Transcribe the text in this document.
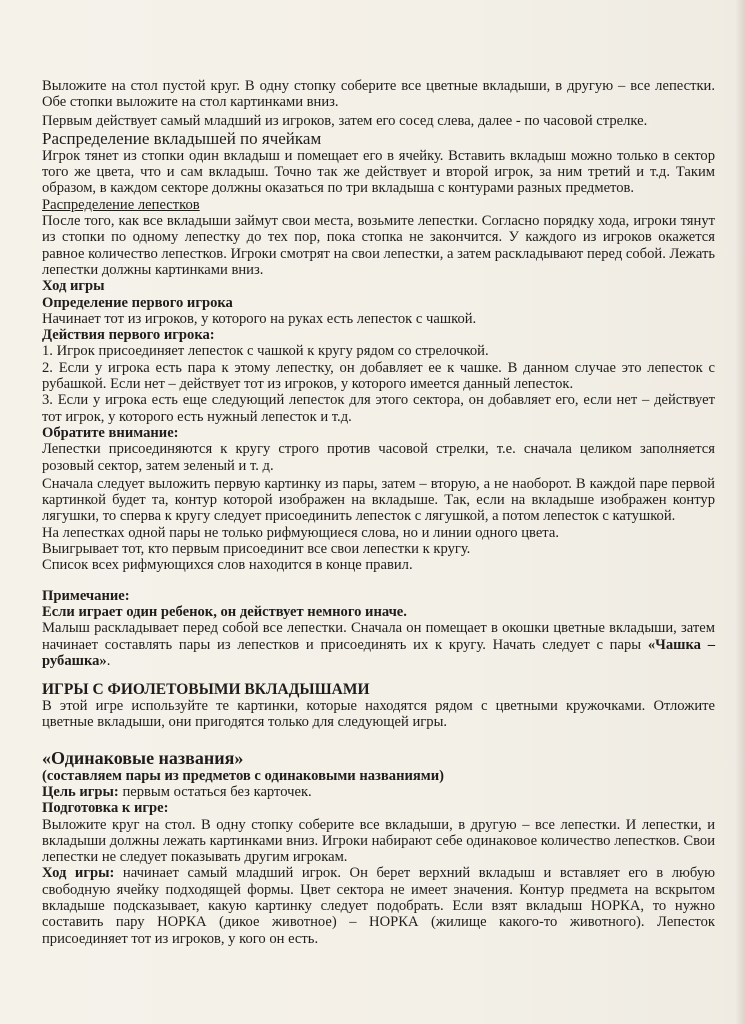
Выложите на стол пустой круг. В одну стопку соберите все цветные вкладыши, в другую – все лепестки. Обе стопки выложите на стол картинками вниз.

Первым действует самый младший из игроков, затем его сосед слева, далее - по часовой стрелке.

Распределение вкладышей по ячейкам

Игрок тянет из стопки один вкладыш и помещает его в ячейку. Вставить вкладыш можно только в сектор того же цвета, что и сам вкладыш. Точно так же действует и второй игрок, за ним третий и т.д. Таким образом, в каждом секторе должны оказаться по три вкладыша с контурами разных предметов.

Распределение лепестков

После того, как все вкладыши займут свои места, возьмите лепестки. Согласно порядку хода, игроки тянут из стопки по одному лепестку до тех пор, пока стопка не закончится. У каждого из игроков окажется равное количество лепестков. Игроки смотрят на свои лепестки, а затем раскладывают перед собой. Лежать лепестки должны картинками вниз.

Ход игры
Определение первого игрока

Начинает тот из игроков, у которого на руках есть лепесток с чашкой.

Действия первого игрока:

1. Игрок присоединяет лепесток с чашкой к кругу рядом со стрелочкой.

2. Если у игрока есть пара к этому лепестку, он добавляет ее к чашке. В данном случае это лепесток с рубашкой. Если нет – действует тот из игроков, у которого имеется данный лепесток.

3. Если у игрока есть еще следующий лепесток для этого сектора, он добавляет его, если нет – действует тот игрок, у которого есть нужный лепесток и т.д.

Обратите внимание:

Лепестки присоединяются к кругу строго против часовой стрелки, т.е. сначала целиком заполняется розовый сектор, затем зеленый и т. д.

Сначала следует выложить первую картинку из пары, затем – вторую, а не наоборот. В каждой паре первой картинкой будет та, контур которой изображен на вкладыше. Так, если на вкладыше изображен контур лягушки, то сперва к кругу следует присоединить лепесток с лягушкой, а потом лепесток с катушкой.

На лепестках одной пары не только рифмующиеся слова, но и линии одного цвета.

Выигрывает тот, кто первым присоединит все свои лепестки к кругу.

Список всех рифмующихся слов находится в конце правил.

Примечание:
Если играет один ребенок, он действует немного иначе.

Малыш раскладывает перед собой все лепестки. Сначала он помещает в окошки цветные вкладыши, затем начинает составлять пары из лепестков и присоединять их к кругу. Начать следует с пары «Чашка – рубашка».

ИГРЫ С ФИОЛЕТОВЫМИ ВКЛАДЫШАМИ

В этой игре используйте те картинки, которые находятся рядом с цветными кружочками. Отложите цветные вкладыши, они пригодятся только для следующей игры.

«Одинаковые названия»
(составляем пары из предметов с одинаковыми названиями)

Цель игры: первым остаться без карточек.

Подготовка к игре:

Выложите круг на стол. В одну стопку соберите все вкладыши, в другую – все лепестки. И лепестки, и вкладыши должны лежать картинками вниз. Игроки набирают себе одинаковое количество лепестков. Свои лепестки не следует показывать другим игрокам.

Ход игры: начинает самый младший игрок. Он берет верхний вкладыш и вставляет его в любую свободную ячейку подходящей формы. Цвет сектора не имеет значения. Контур предмета на вскрытом вкладыше подсказывает, какую картинку следует подобрать. Если взят вкладыш НОРКА, то нужно составить пару НОРКА (дикое животное) – НОРКА (жилище какого-то животного). Лепесток присоединяет тот из игроков, у кого он есть.
